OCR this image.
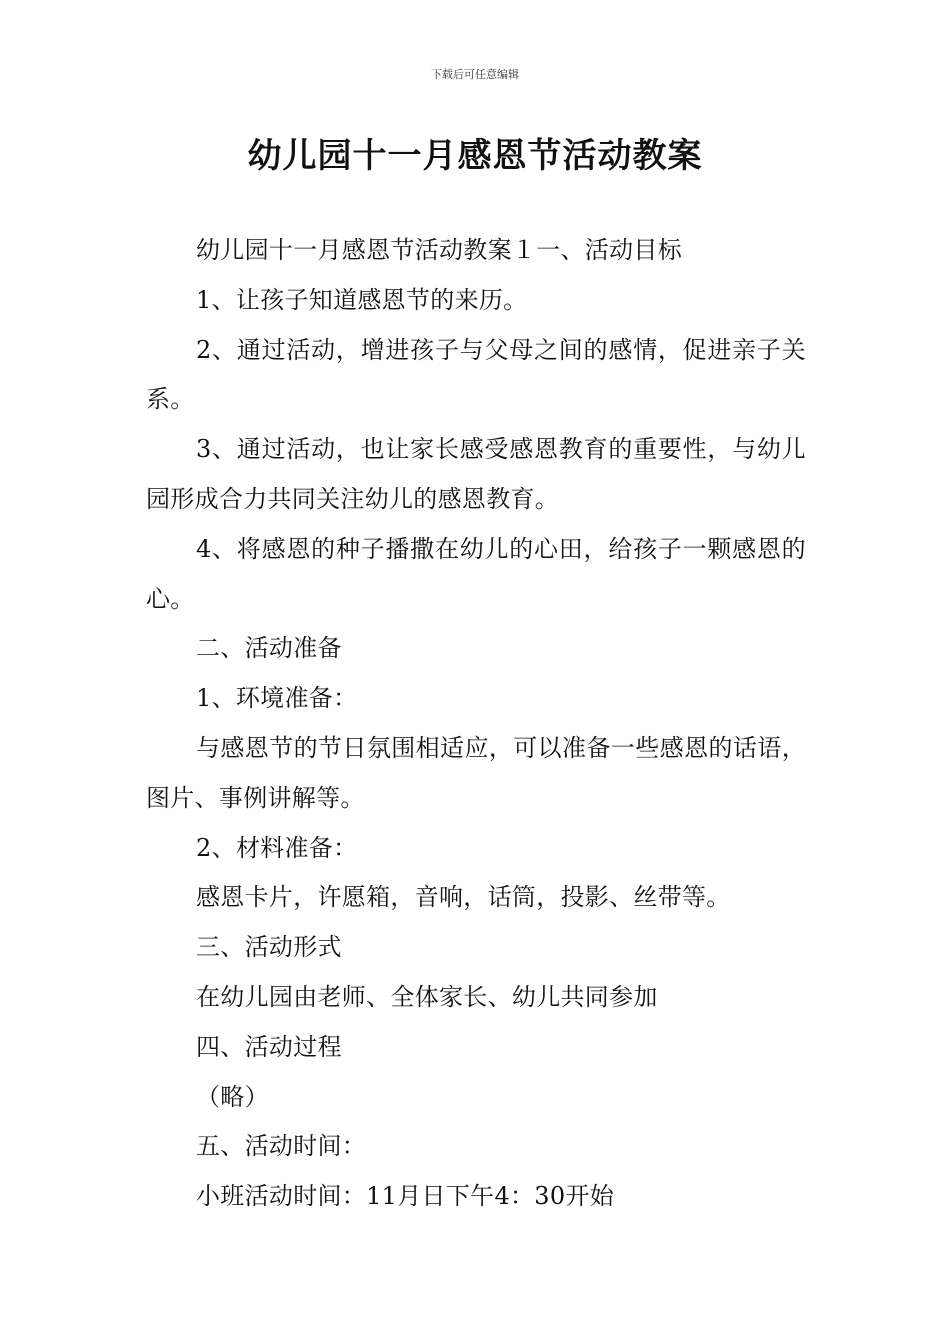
下载后可任意编辑
幼儿园十一月感恩节活动教案

幼儿园十一月感恩节活动教案１一、活动目标

1、让孩子知道感恩节的来历。

2、通过活动，增进孩子与父母之间的感情，促进亲子关系。

3、通过活动，也让家长感受感恩教育的重要性，与幼儿园形成合力共同关注幼儿的感恩教育。

4、将感恩的种子播撒在幼儿的心田，给孩子一颗感恩的心。

二、活动准备

1、环境准备：

与感恩节的节日氛围相适应，可以准备一些感恩的话语，图片、事例讲解等。

2、材料准备：

感恩卡片，许愿箱，音响，话筒，投影、丝带等。

三、活动形式

在幼儿园由老师、全体家长、幼儿共同参加

四、活动过程

（略）

五、活动时间：

小班活动时间：11月日下午4：30开始
